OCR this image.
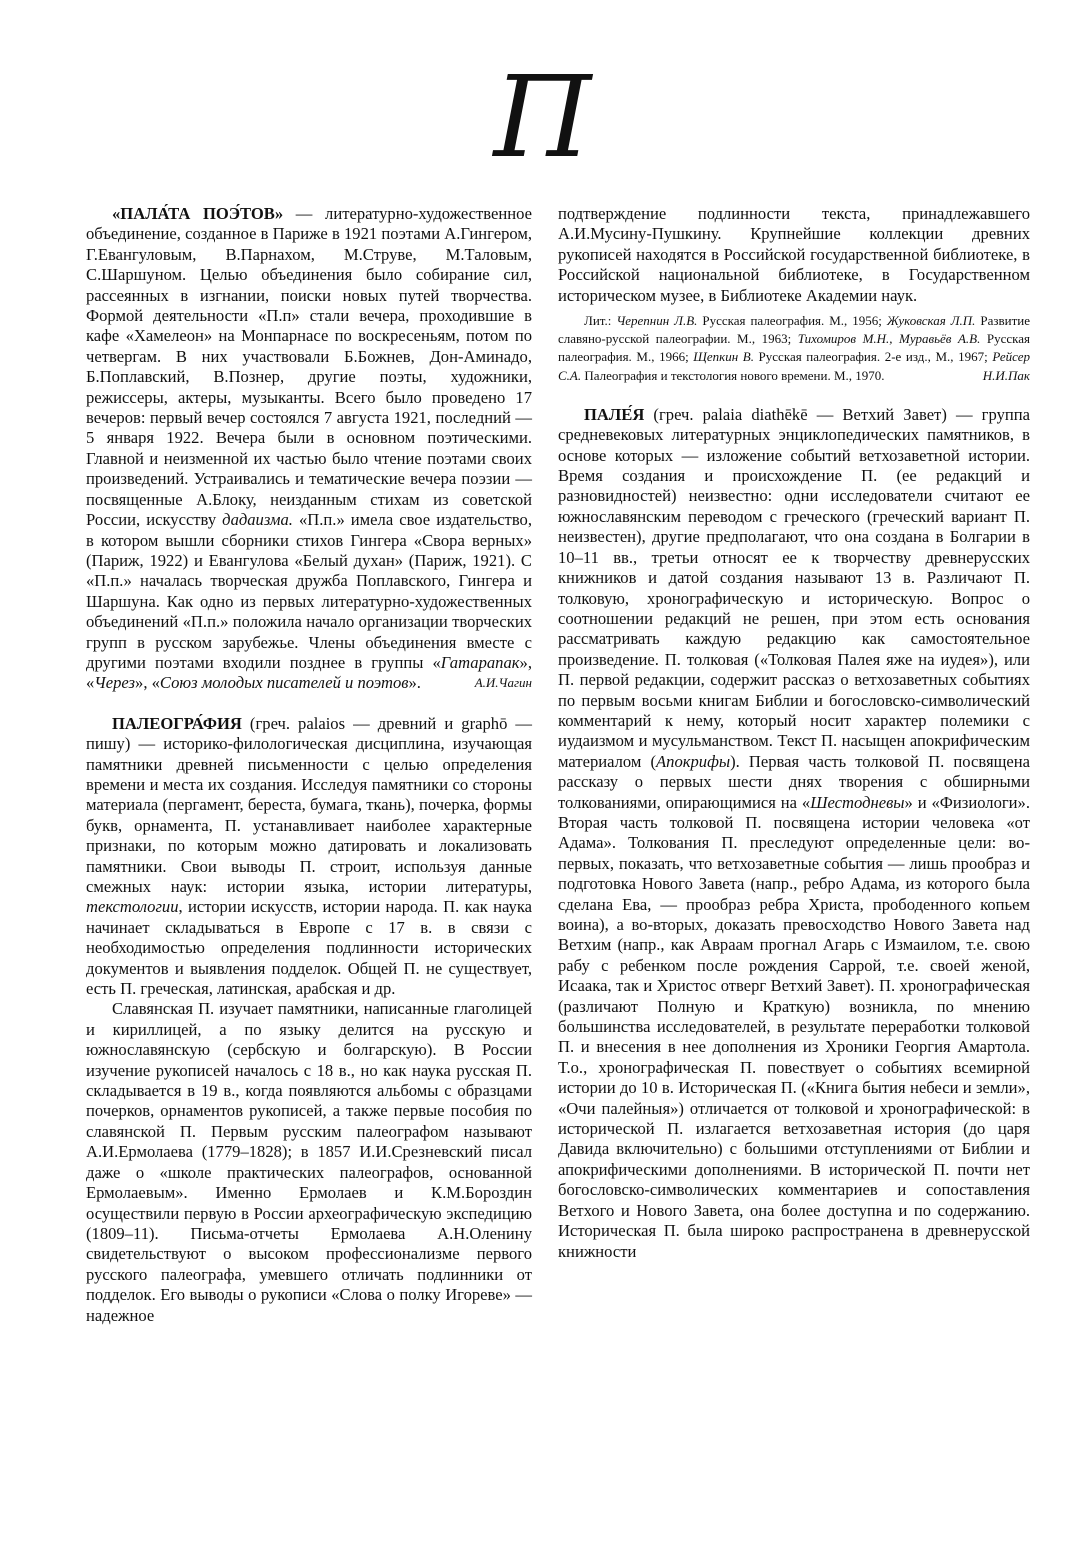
П

«ПАЛА́ТА ПОЭ́ТОВ» — литературно-художественное объединение, созданное в Париже в 1921 поэтами А.Гингером, Г.Евангуловым, В.Парнахом, М.Струве, М.Таловым, С.Шаршуном. Целью объединения было собирание сил, рассеянных в изгнании, поиски новых путей творчества. Формой деятельности «П.п» стали вечера, проходившие в кафе «Хамелеон» на Монпарнасе по воскресеньям, потом по четвергам. В них участвовали Б.Божнев, Дон-Аминадо, Б.Поплавский, В.Познер, другие поэты, художники, режиссеры, актеры, музыканты. Всего было проведено 17 вечеров: первый вечер состоялся 7 августа 1921, последний — 5 января 1922. Вечера были в основном поэтическими. Главной и неизменной их частью было чтение поэтами своих произведений. Устраивались и тематические вечера поэзии — посвященные А.Блоку, неизданным стихам из советской России, искусству дадаизма. «П.п.» имела свое издательство, в котором вышли сборники стихов Гингера «Свора верных» (Париж, 1922) и Евангулова «Белый духан» (Париж, 1921). С «П.п.» началась творческая дружба Поплавского, Гингера и Шаршуна. Как одно из первых литературно-художественных объединений «П.п.» положила начало организации творческих групп в русском зарубежье. Члены объединения вместе с другими поэтами входили позднее в группы «Гатарапак», «Через», «Союз молодых писателей и поэтов».	А.И.Чагин

ПАЛЕОГРА́ФИЯ (греч. palaios — древний и graphō — пишу) — историко-филологическая дисциплина, изучающая памятники древней письменности с целью определения времени и места их создания. Исследуя памятники со стороны материала (пергамент, береста, бумага, ткань), почерка, формы букв, орнамента, П. устанавливает наиболее характерные признаки, по которым можно датировать и локализовать памятники. Свои выводы П. строит, используя данные смежных наук: истории языка, истории литературы, текстологии, истории искусств, истории народа. П. как наука начинает складываться в Европе с 17 в. в связи с необходимостью определения подлинности исторических документов и выявления подделок. Общей П. не существует, есть П. греческая, латинская, арабская и др.

Славянская П. изучает памятники, написанные глаголицей и кириллицей, а по языку делится на русскую и южнославянскую (сербскую и болгарскую). В России изучение рукописей началось с 18 в., но как наука русская П. складывается в 19 в., когда появляются альбомы с образцами почерков, орнаментов рукописей, а также первые пособия по славянской П. Первым русским палеографом называют А.И.Ермолаева (1779–1828); в 1857 И.И.Срезневский писал даже о «школе практических палеографов, основанной Ермолаевым». Именно Ермолаев и К.М.Бороздин осуществили первую в России археографическую экспедицию (1809–11). Письма-отчеты Ермолаева А.Н.Оленину свидетельствуют о высоком профессионализме первого русского палеографа, умевшего отличать подлинники от подделок. Его выводы о рукописи «Слова о полку Игореве» — надежное

подтверждение подлинности текста, принадлежавшего А.И.Мусину-Пушкину. Крупнейшие коллекции древних рукописей находятся в Российской государственной библиотеке, в Российской национальной библиотеке, в Государственном историческом музее, в Библиотеке Академии наук.

Лит.: Черепнин Л.В. Русская палеография. М., 1956; Жуковская Л.П. Развитие славяно-русской палеографии. М., 1963; Тихомиров М.Н., Муравьёв А.В. Русская палеография. М., 1966; Щепкин В. Русская палеография. 2-е изд., М., 1967; Рейсер С.А. Палеография и текстология нового времени. М., 1970.	Н.И.Пак

ПАЛЕ́Я (греч. palaia diathēkē — Ветхий Завет) — группа средневековых литературных энциклопедических памятников, в основе которых — изложение событий ветхозаветной истории. Время создания и происхождение П. (ее редакций и разновидностей) неизвестно: одни исследователи считают ее южнославянским переводом с греческого (греческий вариант П. неизвестен), другие предполагают, что она создана в Болгарии в 10–11 вв., третьи относят ее к творчеству древнерусских книжников и датой создания называют 13 в. Различают П. толковую, хронографическую и историческую. Вопрос о соотношении редакций не решен, при этом есть основания рассматривать каждую редакцию как самостоятельное произведение. П. толковая («Толковая Палея яже на иудея»), или П. первой редакции, содержит рассказ о ветхозаветных событиях по первым восьми книгам Библии и богословско-символический комментарий к нему, который носит характер полемики с иудаизмом и мусульманством. Текст П. насыщен апокрифическим материалом (Апокрифы). Первая часть толковой П. посвящена рассказу о первых шести днях творения с обширными толкованиями, опирающимися на «Шестодневы» и «Физиологи». Вторая часть толковой П. посвящена истории человека «от Адама». Толкования П. преследуют определенные цели: во-первых, показать, что ветхозаветные события — лишь прообраз и подготовка Нового Завета (напр., ребро Адама, из которого была сделана Ева, — прообраз ребра Христа, прободенного копьем воина), а во-вторых, доказать превосходство Нового Завета над Ветхим (напр., как Авраам прогнал Агарь с Измаилом, т.е. свою рабу с ребенком после рождения Саррой, т.е. своей женой, Исаака, так и Христос отверг Ветхий Завет). П. хронографическая (различают Полную и Краткую) возникла, по мнению большинства исследователей, в результате переработки толковой П. и внесения в нее дополнения из Хроники Георгия Амартола. Т.о., хронографическая П. повествует о событиях всемирной истории до 10 в. Историческая П. («Книга бытия небеси и земли», «Очи палейныя») отличается от толковой и хронографической: в исторической П. излагается ветхозаветная история (до царя Давида включительно) с большими отступлениями от Библии и апокрифическими дополнениями. В исторической П. почти нет богословско-символических комментариев и сопоставления Ветхого и Нового Завета, она более доступна и по содержанию. Историческая П. была широко распространена в древнерусской книжности
